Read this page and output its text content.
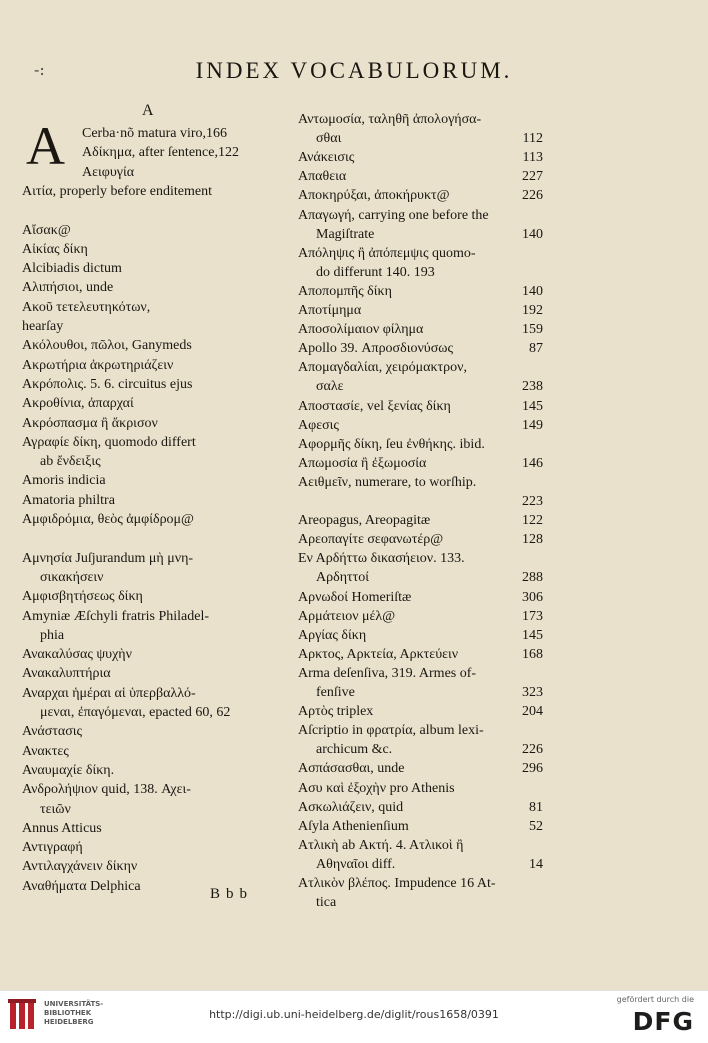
-:	INDEX VOCABULORUM.
A
A Cerba·nõ matura viro,166
Αδίκημα, after ſentence,122
Αειφυγία
Αιτία, properly before enditement
Αἴσακ@
Αἰκίας δίκη
Alcibiadis dictum
Αλιπήσιοι, unde
Ακοῦ τετελευτηκότων,
hearſay
Ακόλουθοι, πῶλοι, Ganymeds
Ακρωτήρια ἀκρωτηριάζειν
Ακρόπολις. 5. 6. circuitus ejus
Ακροθίνια, ἀπαρχαί
Ακρόσπασμα ἢ ἄκρισον
Αγραφίε δίκη, quomodo differt
ab ἔνδειξις
Amoris indicia
Amatoria philtra
Αμφιδρόμια, θεὸς ἀμφίδρομ@
Αμνησία Juſjurandum μὴ μνη-
σικακήσειν
Αμφισβητήσεως δίκη
Amyniæ Æſchyli fratris Philadel-
phia
Ανακαλύσας ψυχὴν
Ανακαλυπτήρια
Αναρχαι ἡμέραι αἱ ὑπερβαλλό-
μεναι, ἐπαγόμεναι, epacted 60, 62
Ανάστασις
Ανακτες
Αναυμαχίε δίκη.
Ανδρολήψιον quid, 138. Αχει-
τειῶν
Annus Atticus
Αντιγραφή
Αντιλαγχάνειν δίκην
Αναθήματα Delphica
Αντωμοσία, ταληθῆ ἀπολογήσα-
σθαι	112
Ανάκεισις	113
Απαθεια	227
Αποκηρύξαι, ἀποκήρυκτ@	226
Απαγωγή, carrying one before the
Magiſtrate	140
Απόληψις ἢ ἀπόπεμψις quomo-
do differunt 140. 193
Αποπομπῆς δίκη	140
Αποτίμημα	192
Αποσολίμαιον φίλημα	159
Apollo 39. Απροσδιονύσως	87
Απομαγδαλίαι, χειρόμακτρον,
σαλε	238
Αποστασίε, vel ξενίας δίκη	145
Αφεσις	149
Αφορμῆς δίκη, ſeu ἐνθήκης. ibid.
Απωμοσία ἢ ἐξωμοσία	146
Αειθμεῖν, numerare, to worſhip.
223
Areopagus, Areopagitæ	122
Αρεοπαγίτε σεφανωτέρ@	128
Εν Αρδήττω δικασήειον. 133.
Αρδηττοί	288
Αρνωδοί Homeriſtæ	306
Αρμάτειον μέλ@	173
Αργίας δίκη	145
Αρκτος, Αρκτεία, Αρκτεύειν	168
Arma deſenſiva, 319. Armes of-
fenſive	323
Αρτὸς triplex	204
Aſcriptio in φρατρία, album lexi-
archicum &c.	226
Ασπάσασθαι, unde	296
Ασυ καὶ ἐξοχὴν pro Athenis
Ασκωλιάζειν, quid	81
Aſyla Athenienſium	52
Ατλικὴ ab Ακτή. 4. Ατλικοὶ ἢ
Αθηναῖοι diff.	14
Ατλικὸν βλέπος. Impudence 16 At-
tica
Bbb
UNIVERSITÄTS-
BIBLIOTHEK
HEIDELBERG
http://digi.ub.uni-heidelberg.de/diglit/rous1658/0391
gefördert durch die
DFG
